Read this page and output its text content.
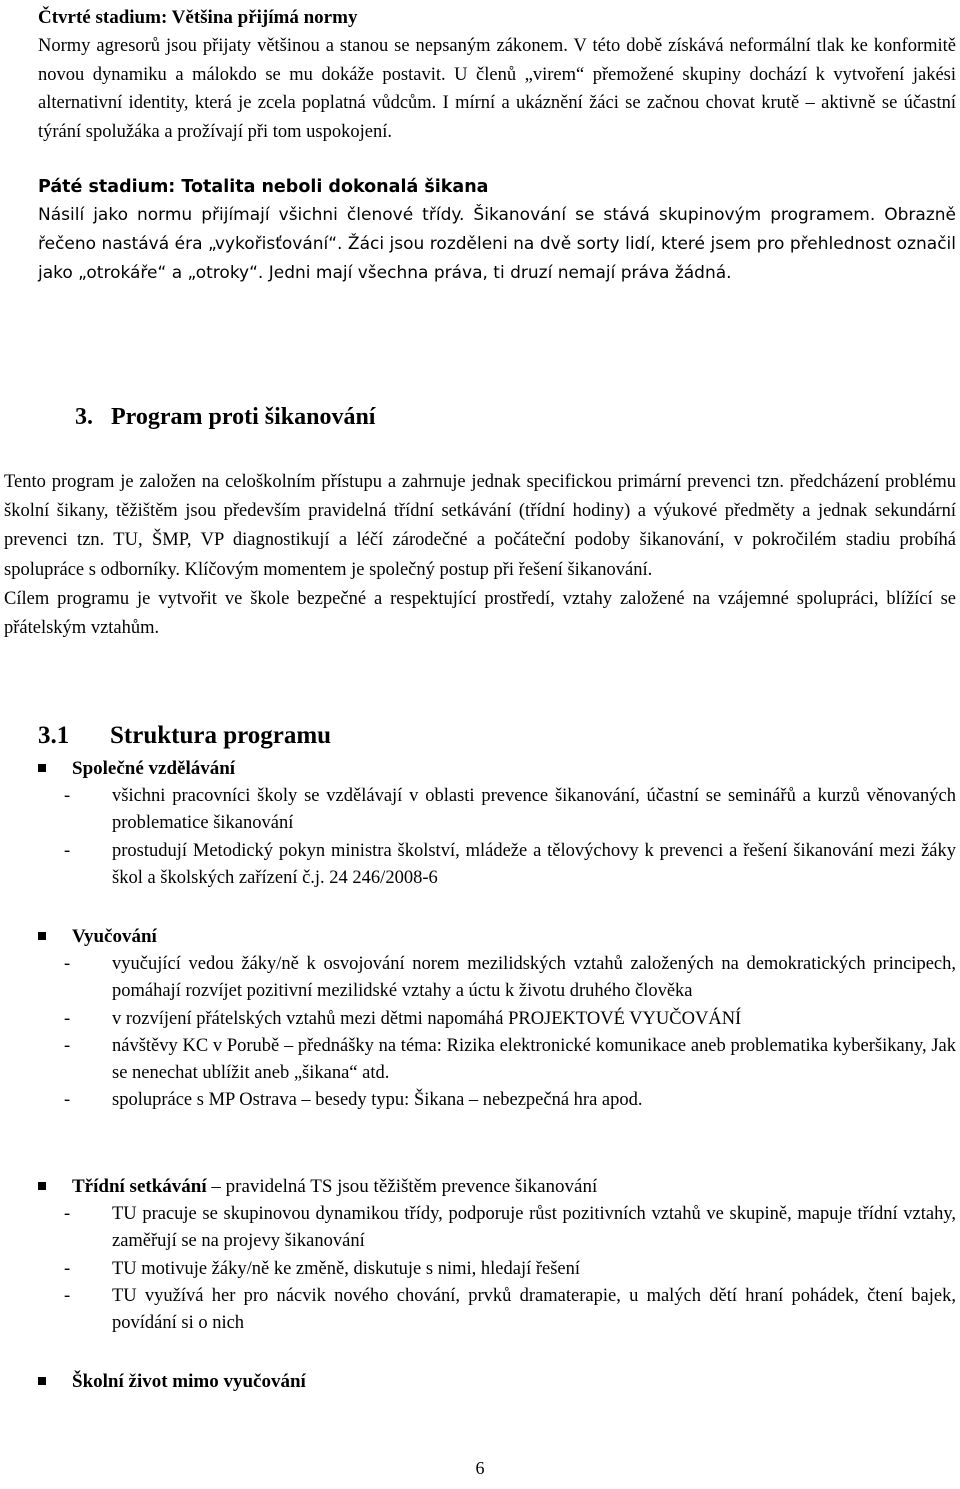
Čtvrté stadium: Většina přijímá normy

Normy agresorů jsou přijaty většinou a stanou se nepsaným zákonem. V této době získává neformální tlak ke konformitě novou dynamiku a málokdo se mu dokáže postavit. U členů „virem“ přemožené skupiny dochází k vytvoření jakési alternativní identity, která je zcela poplatná vůdcům. I mírní a ukáznění žáci se začnou chovat krutě – aktivně se účastní týrání spolužáka a prožívají při tom uspokojení.

Páté stadium: Totalita neboli dokonalá šikana

Násilí jako normu přijímají všichni členové třídy. Šikanování se stává skupinovým programem. Obrazně řečeno nastává éra „vykořisťování“. Žáci jsou rozděleni na dvě sorty lidí, které jsem pro přehlednost označil jako „otrokáře“ a „otroky“. Jedni mají všechna práva, ti druzí nemají práva žádná.

3. Program proti šikanování

Tento program je založen na celoškolním přístupu a zahrnuje jednak specifickou primární prevenci tzn. předcházení problému školní šikany, těžištěm jsou především pravidelná třídní setkávání (třídní hodiny) a výukové předměty a jednak sekundární prevenci tzn. TU, ŠMP, VP diagnostikují a léčí zárodečné a počáteční podoby šikanování, v pokročilém stadiu probíhá spolupráce s odborníky. Klíčovým momentem je společný postup při řešení šikanování.

Cílem programu je vytvořit ve škole bezpečné a respektující prostředí, vztahy založené na vzájemné spolupráci, blížící se přátelským vztahům.

3.1 Struktura programu
Společné vzdělávání
- všichni pracovníci školy se vzdělávají v oblasti prevence šikanování, účastní se seminářů a kurzů věnovaných problematice šikanování
- prostudují Metodický pokyn ministra školství, mládeže a tělovýchovy k prevenci a řešení šikanování mezi žáky škol a školských zařízení č.j. 24 246/2008-6
Vyučování
- vyučující vedou žáky/ně k osvojování norem mezilidských vztahů založených na demokratických principech, pomáhají rozvíjet pozitivní mezilidské vztahy a úctu k životu druhého člověka
- v rozvíjení přátelských vztahů mezi dětmi napomáhá PROJEKTOVÉ VYUČOVÁNÍ
- návštěvy KC v Porubě – přednášky na téma: Rizika elektronické komunikace aneb problematika kyberšikany, Jak se nenechat ublížit aneb „šikana“ atd.
- spolupráce s MP Ostrava – besedy typu: Šikana – nebezpečná hra apod.
Třídní setkávání – pravidelná TS jsou těžištěm prevence šikanování
- TU pracuje se skupinovou dynamikou třídy, podporuje růst pozitivních vztahů ve skupině, mapuje třídní vztahy, zaměřují se na projevy šikanování
- TU motivuje žáky/ně ke změně, diskutuje s nimi, hledají řešení
- TU využívá her pro nácvik nového chování, prvků dramaterapie, u malých dětí hraní pohádek, čtení bajek, povídání si o nich
Školní život mimo vyučování
6
